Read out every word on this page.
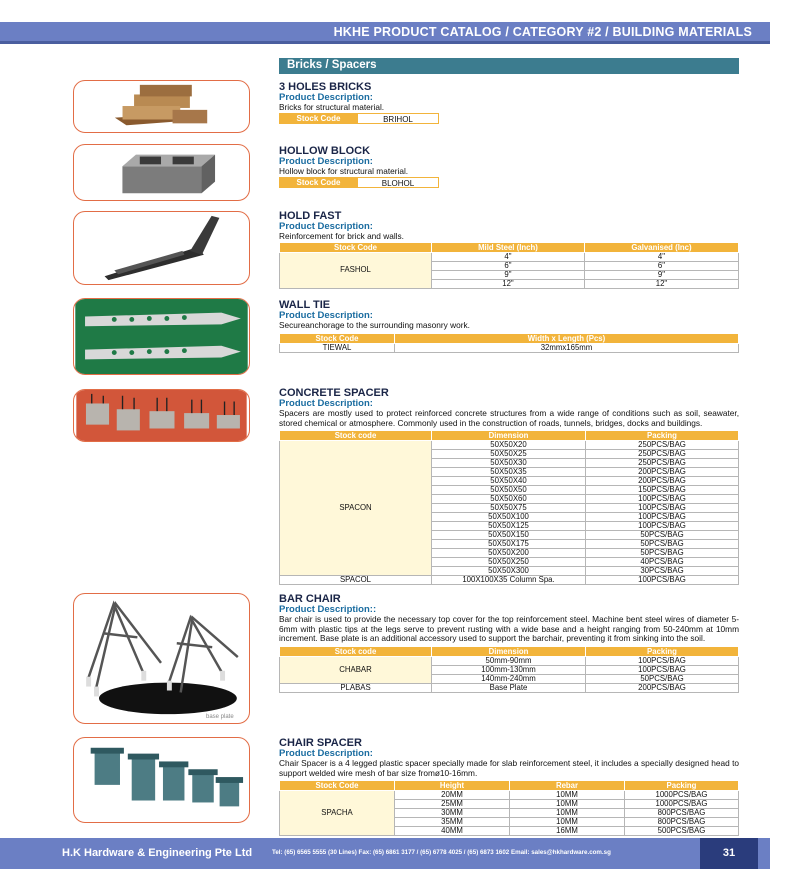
HKHE PRODUCT CATALOG / CATEGORY #2 / BUILDING MATERIALS
Bricks / Spacers
base plate
3 HOLES BRICKS
Product Description:
Bricks for structural material.
Stock Code	BRIHOL
HOLLOW BLOCK
Product Description:
Hollow block for structural material.
Stock Code	BLOHOL
HOLD FAST
Product Description:
Reinforcement for brick and walls.
Stock Code	Mild Steel (Inch)	Galvanised (Inc)
FASHOL	4"	4"
	6"	6"
	9"	9"
	12"	12"
WALL TIE
Product Description:
Secureanchorage to the surrounding masonry work.
Stock Code	Width x Length (Pcs)
TIEWAL	32mmx165mm
CONCRETE SPACER
Product Description:
Spacers are mostly used to protect reinforced concrete structures from a wide range of conditions such as soil, seawater, stored chemical or atmosphere. Commonly used in the construction of roads, tunnels, bridges, docks and buildings.
Stock code	Dimension	Packing
SPACON	50X50X20	250PCS/BAG
	50X50X25	250PCS/BAG
	50X50X30	250PCS/BAG
	50X50X35	200PCS/BAG
	50X50X40	200PCS/BAG
	50X50X50	150PCS/BAG
	50X50X60	100PCS/BAG
	50X50X75	100PCS/BAG
	50X50X100	100PCS/BAG
	50X50X125	100PCS/BAG
	50X50X150	50PCS/BAG
	50X50X175	50PCS/BAG
	50X50X200	50PCS/BAG
	50X50X250	40PCS/BAG
	50X50X300	30PCS/BAG
SPACOL	100X100X35 Column Spa.	100PCS/BAG
BAR CHAIR
Product Description::
Bar chair is used to provide the necessary top cover for the top reinforcement steel. Machine bent steel wires of diameter 5-6mm with plastic tips at the legs serve to prevent rusting with a wide base and a height ranging from 50-240mm at 10mm increment. Base plate is an additional accessory used to support the barchair, preventing it from sinking into the soil.
Stock code	Dimension	Packing
CHABAR	50mm-90mm	100PCS/BAG
	100mm-130mm	100PCS/BAG
	140mm-240mm	50PCS/BAG
PLABAS	Base Plate	200PCS/BAG
CHAIR SPACER
Product Description:
Chair Spacer is a 4 legged plastic spacer specially made for slab reinforcement steel, it includes a specially designed head to support welded wire mesh of bar size fromø10-16mm.
Stock Code	Height	Rebar	Packing
SPACHA	20MM	10MM	1000PCS/BAG
	25MM	10MM	1000PCS/BAG
	30MM	10MM	800PCS/BAG
	35MM	10MM	800PCS/BAG
	40MM	16MM	500PCS/BAG
H.K Hardware & Engineering Pte Ltd	Tel: (65) 6565 5555 (30 Lines) Fax: (65) 6861 3177 / (65) 6778 4025 / (65) 6873 1602 Email: sales@hkhardware.com.sg	31
